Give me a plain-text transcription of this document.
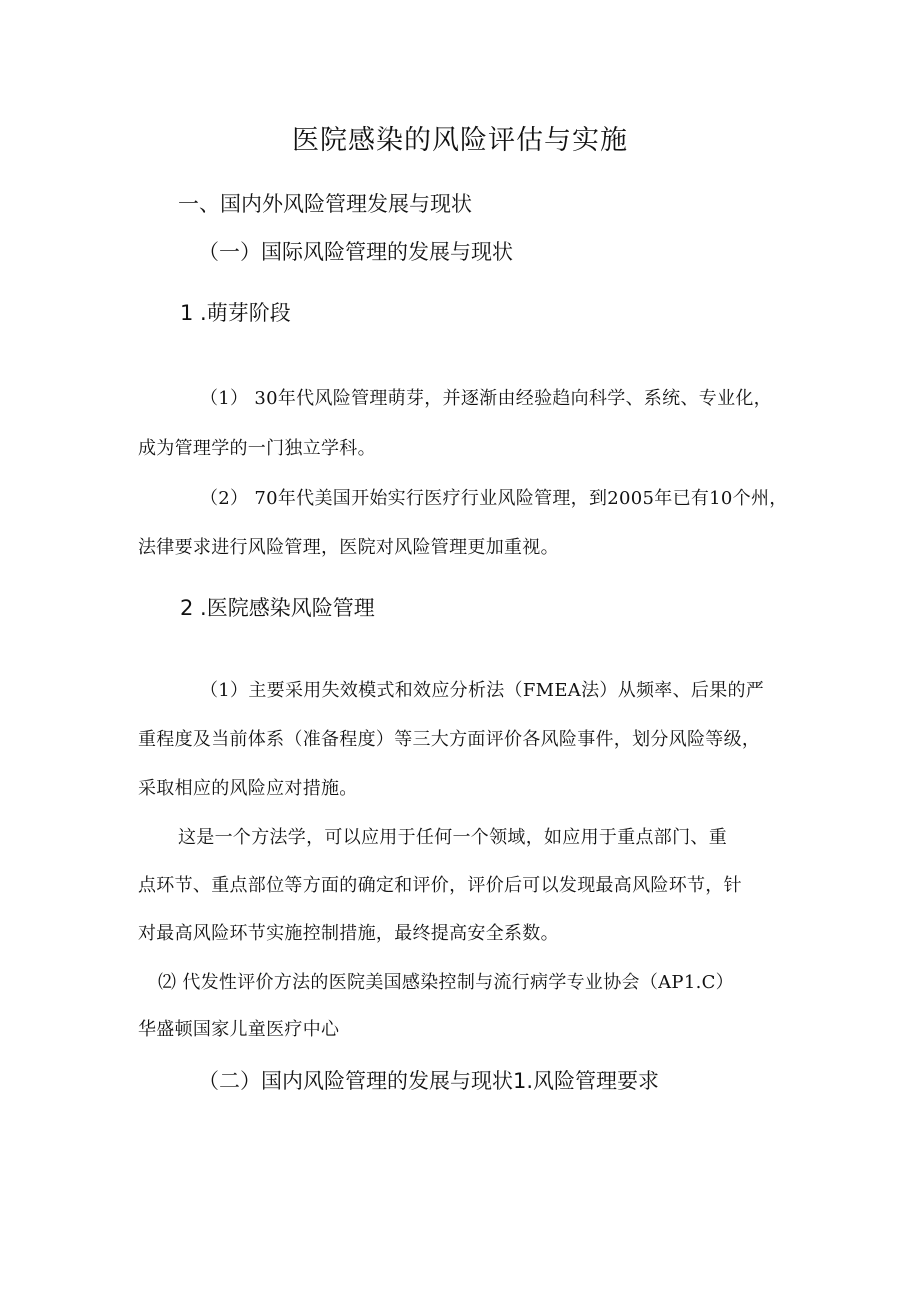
医院感染的风险评估与实施
一、国内外风险管理发展与现状
（一）国际风险管理的发展与现状
1 .萌芽阶段
（1） 30年代风险管理萌芽，并逐渐由经验趋向科学、系统、专业化，
成为管理学的一门独立学科。
（2） 70年代美国开始实行医疗行业风险管理，到2005年已有10个州，
法律要求进行风险管理，医院对风险管理更加重视。
2 .医院感染风险管理
（1）主要采用失效模式和效应分析法（FMEA法）从频率、后果的严
重程度及当前体系（准备程度）等三大方面评价各风险事件，划分风险等级，
采取相应的风险应对措施。
这是一个方法学，可以应用于任何一个领域，如应用于重点部门、重
点环节、重点部位等方面的确定和评价，评价后可以发现最高风险环节，针
对最高风险环节实施控制措施，最终提高安全系数。
⑵ 代发性评价方法的医院美国感染控制与流行病学专业协会（AP1.C）
华盛顿国家儿童医疗中心
（二）国内风险管理的发展与现状1.风险管理要求
